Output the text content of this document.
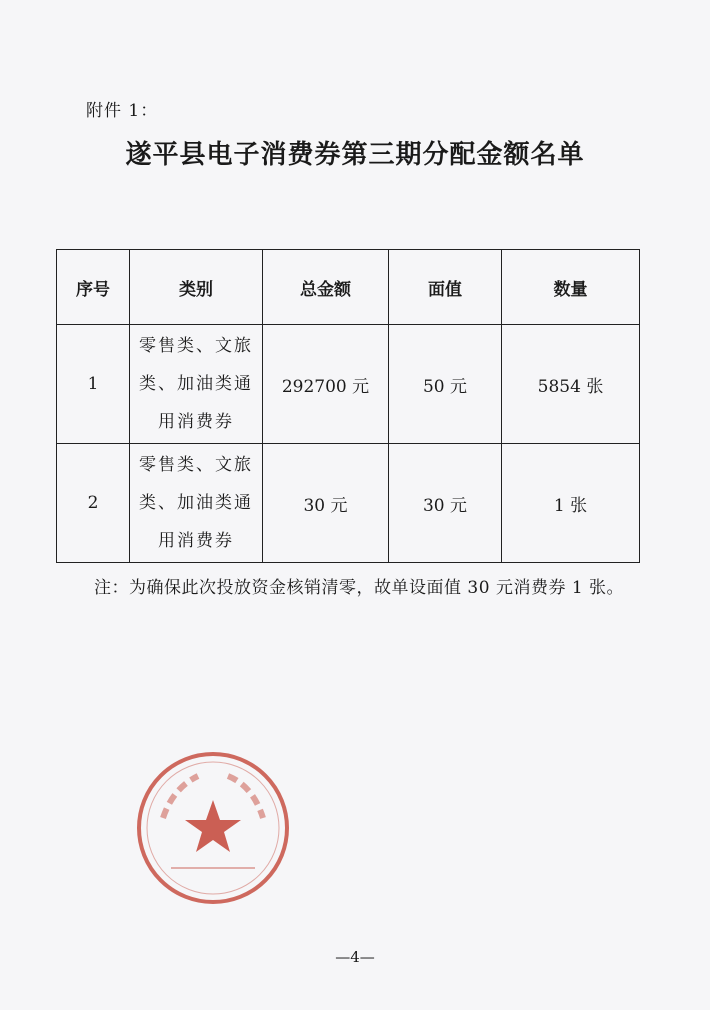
附件 1：
遂平县电子消费券第三期分配金额名单
序号	类别	总金额	面值	数量
1	零售类、文旅
类、加油类通
用消费券	292700 元	50 元	5854 张
2	零售类、文旅
类、加油类通
用消费券	30 元	30 元	1 张
注：为确保此次投放资金核销清零，故单设面值 30 元消费券 1 张。
—4—
